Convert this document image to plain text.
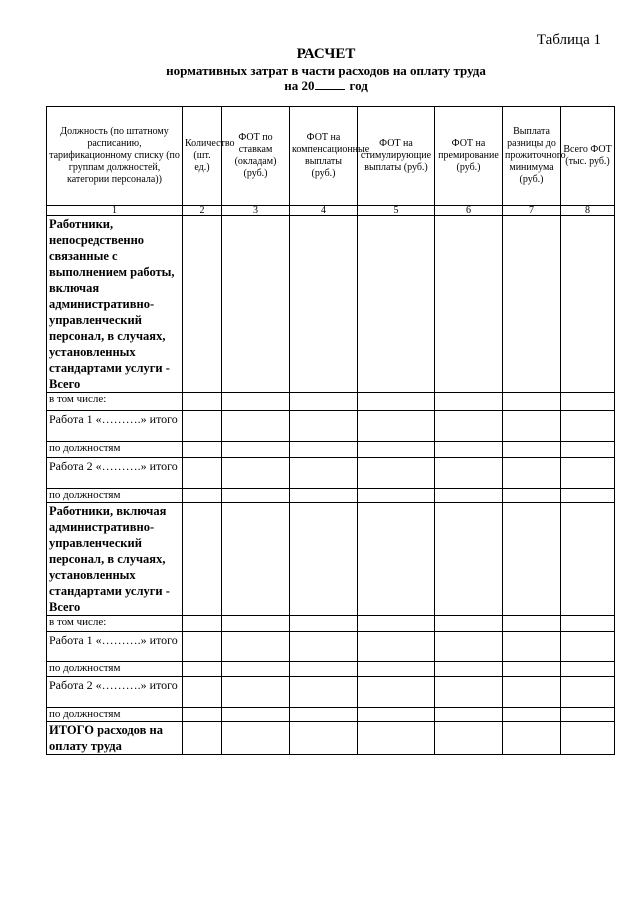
Таблица 1
РАСЧЕТ
нормативных затрат в части расходов на оплату труда
на 20	год
Должность (по штатному расписанию, тарификационному списку (по группам должностей, категории персонала))	Количество (шт. ед.)	ФОТ по ставкам (окладам) (руб.)	ФОТ на компенсационные выплаты (руб.)	ФОТ на стимулирующие выплаты (руб.)	ФОТ на премирование (руб.)	Выплата разницы до прожиточного минимума (руб.)	Всего ФОТ (тыс. руб.)
1	2	3	4	5	6	7	8
Работники, непосредственно связанные с выполнением работы, включая административно-управленческий персонал, в случаях, установленных стандартами услуги - Всего							
в том числе:							
Работа 1 «……….» итого							
по должностям							
Работа 2 «……….» итого							
по должностям							
Работники, включая административно-управленческий персонал, в случаях, установленных стандартами услуги - Всего							
в том числе:							
Работа 1 «……….» итого							
по должностям							
Работа 2 «……….» итого							
по должностям							
ИТОГО расходов на оплату труда							
